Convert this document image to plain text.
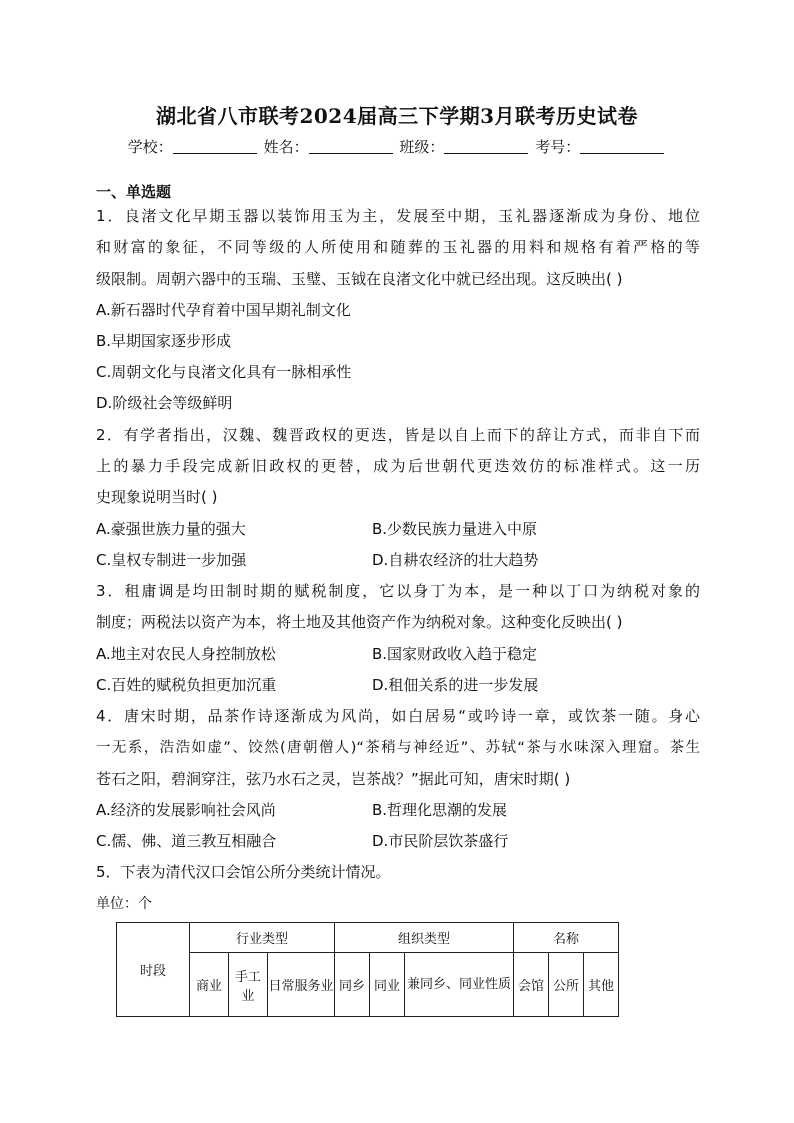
湖北省八市联考2024届高三下学期3月联考历史试卷
学校：	姓名：	班级：	考号：
一、单选题
1．良渚文化早期玉器以装饰用玉为主，发展至中期，玉礼器逐渐成为身份、地位
和财富的象征，不同等级的人所使用和随葬的玉礼器的用料和规格有着严格的等
级限制。周朝六器中的玉瑞、玉璧、玉钺在良渚文化中就已经出现。这反映出( )
A.新石器时代孕育着中国早期礼制文化
B.早期国家逐步形成
C.周朝文化与良渚文化具有一脉相承性
D.阶级社会等级鲜明
2．有学者指出，汉魏、魏晋政权的更迭，皆是以自上而下的辞让方式，而非自下而
上的暴力手段完成新旧政权的更替，成为后世朝代更迭效仿的标准样式。这一历
史现象说明当时( )
A.豪强世族力量的强大	B.少数民族力量进入中原
C.皇权专制进一步加强	D.自耕农经济的壮大趋势
3．租庸调是均田制时期的赋税制度，它以身丁为本，是一种以丁口为纳税对象的
制度；两税法以资产为本，将土地及其他资产作为纳税对象。这种变化反映出( )
A.地主对农民人身控制放松	B.国家财政收入趋于稳定
C.百姓的赋税负担更加沉重	D.租佃关系的进一步发展
4．唐宋时期，品茶作诗逐渐成为风尚，如白居易“或吟诗一章，或饮茶一随。身心
一无系，浩浩如虚”、饺然(唐朝僧人)“茶稍与神经近”、苏轼“茶与水味深入理窟。茶生
苍石之阳，碧涧穿注，弦乃水石之灵，岂茶战？”据此可知，唐宋时期( )
A.经济的发展影响社会风尚	B.哲理化思潮的发展
C.儒、佛、道三教互相融合	D.市民阶层饮茶盛行
5．下表为清代汉口会馆公所分类统计情况。
单位：个
时段	行业类型			组织类型			名称		
	商业	手工业	日常服务业	同乡	同业	兼同乡、同业性质	会馆	公所	其他
